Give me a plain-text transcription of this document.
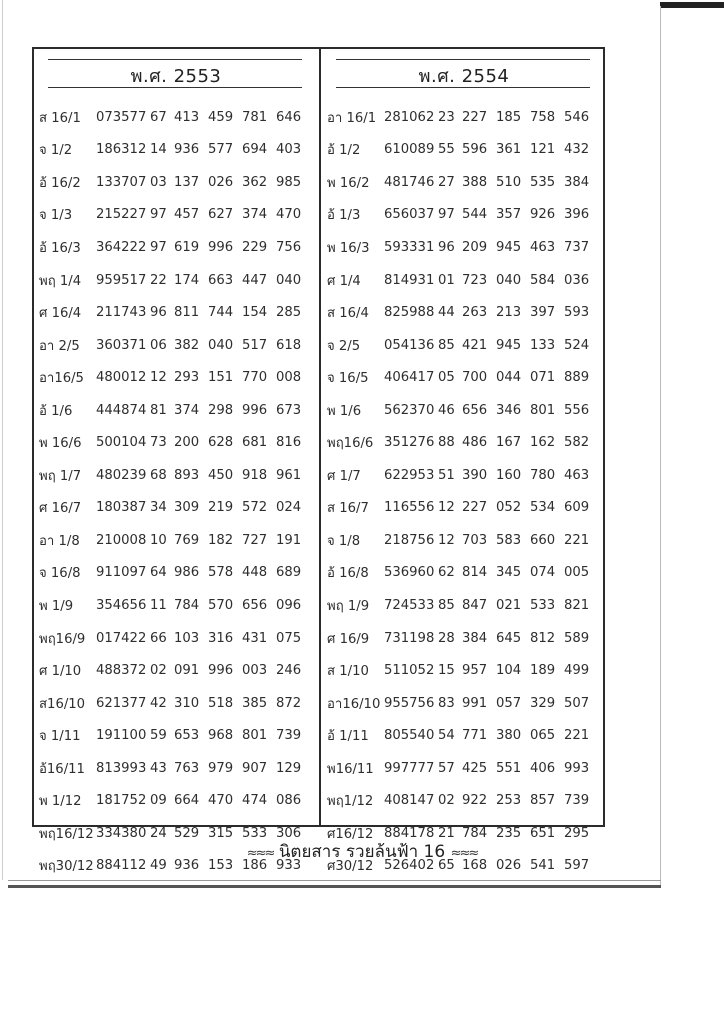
พ.ศ. 2553
ส 16/1	073577 67 413 459 781 646
จ 1/2	186312 14 936 577 694 403
อ้ 16/2	133707 03 137 026 362 985
จ 1/3	215227 97 457 627 374 470
อ้ 16/3	364222 97 619 996 229 756
พฤ 1/4	959517 22 174 663 447 040
ศ 16/4	211743 96 811 744 154 285
อา 2/5	360371 06 382 040 517 618
อา16/5 480012 12 293 151 770 008
อ้ 1/6	444874 81 374 298 996 673
พ 16/6	500104 73 200 628 681 816
พฤ 1/7	480239 68 893 450 918 961
ศ 16/7	180387 34 309 219 572 024
อา 1/8	210008 10 769 182 727 191
จ 16/8	911097 64 986 578 448 689
พ 1/9	354656 11 784 570 656 096
พฤ16/9 017422 66 103 316 431 075
ศ 1/10	488372 02 091 996 003 246
ส16/10 621377 42 310 518 385 872
จ 1/11	191100 59 653 968 801 739
อ้16/11 813993 43 763 979 907 129
พ 1/12	181752 09 664 470 474 086
พฤ16/12 334380 24 529 315 533 306
พฤ30/12 884112 49 936 153 186 933
พ.ศ. 2554
อา 16/1 281062 23 227 185 758 546
อ้ 1/2	610089 55 596 361 121 432
พ 16/2	481746 27 388 510 535 384
อ้ 1/3	656037 97 544 357 926 396
พ 16/3	593331 96 209 945 463 737
ศ 1/4	814931 01 723 040 584 036
ส 16/4	825988 44 263 213 397 593
จ 2/5	054136 85 421 945 133 524
จ 16/5	406417 05 700 044 071 889
พ 1/6	562370 46 656 346 801 556
พฤ16/6 351276 88 486 167 162 582
ศ 1/7	622953 51 390 160 780 463
ส 16/7	116556 12 227 052 534 609
จ 1/8	218756 12 703 583 660 221
อ้ 16/8	536960 62 814 345 074 005
พฤ 1/9	724533 85 847 021 533 821
ศ 16/9	731198 28 384 645 812 589
ส 1/10	511052 15 957 104 189 499
อา16/10 955756 83 991 057 329 507
อ้ 1/11	805540 54 771 380 065 221
พ16/11 997777 57 425 551 406 993
พฤ1/12 408147 02 922 253 857 739
ศ16/12 884178 21 784 235 651 295
ศ30/12 526402 65 168 026 541 597
≈≈≈ นิตยสาร รวยล้นฟ้า 16 ≈≈≈
